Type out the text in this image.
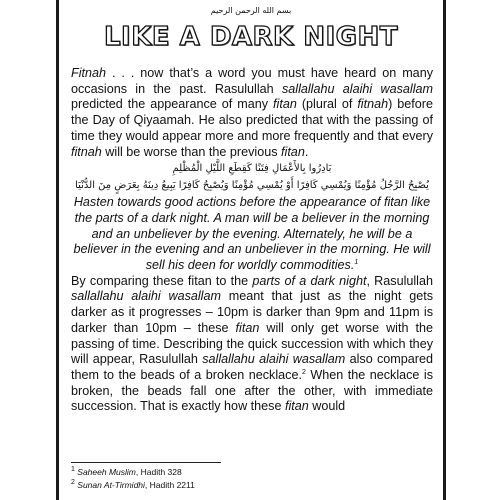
بسم الله الرحمن الرحيم
LIKE A DARK NIGHT

Fitnah . . . now that’s a word you must have heard on many occasions in the past. Rasulullah sallallahu alaihi wasallam predicted the appearance of many fitan (plural of fitnah) before the Day of Qiyaamah. He also predicted that with the passing of time they would appear more and more frequently and that every fitnah will be worse than the previous fitan.

بَادِرُوا بِالأَعْمَالِ فِتَنًا كَقِطَعِ اللَّيْلِ الْمُظْلِمِ
يُصْبِحُ الرَّجُلُ مُؤْمِنًا وَيُمْسِي كَافِرًا أَوْ يُمْسِي مُؤْمِنًا وَيُصْبِحُ كَافِرًا يَبِيعُ دِينَهُ بِعَرَضٍ مِنَ الدُّنْيَا

Hasten towards good actions before the appearance of fitan like the parts of a dark night. A man will be a believer in the morning and an unbeliever by the evening. Alternately, he will be a believer in the evening and an unbeliever in the morning. He will sell his deen for worldly commodities.$^1$

By comparing these fitan to the parts of a dark night, Rasulullah sallallahu alaihi wasallam meant that just as the night gets darker as it progresses – 10pm is darker than 9pm and 11pm is darker than 10pm – these fitan will only get worse with the passing of time. Describing the quick succession with which they will appear, Rasulullah sallallahu alaihi wasallam also compared them to the beads of a broken necklace.$^2$ When the necklace is broken, the beads fall one after the other, with immediate succession. That is exactly how these fitan would

$^1$ Saheeh Muslim, Hadith 328
$^2$ Sunan At-Tirmidhi, Hadith 2211
